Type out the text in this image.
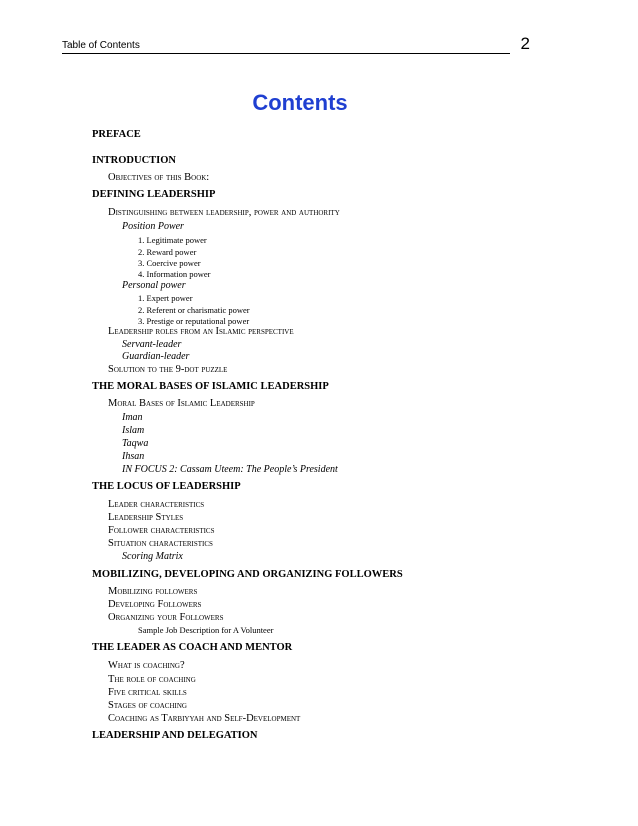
Table of Contents	2
Contents
PREFACE
INTRODUCTION
Objectives of this Book:
DEFINING LEADERSHIP
Distinguishing between leadership, power and authority
Position Power
1. Legitimate power
2. Reward power
3. Coercive power
4. Information power
Personal power
1. Expert power
2. Referent or charismatic power
3. Prestige or reputational power
Leadership roles from an Islamic perspective
Servant-leader
Guardian-leader
Solution to the 9-dot puzzle
THE MORAL BASES OF ISLAMIC LEADERSHIP
Moral Bases of Islamic Leadership
Iman
Islam
Taqwa
Ihsan
IN FOCUS 2: Cassam Uteem: The People’s President
THE LOCUS OF LEADERSHIP
Leader characteristics
Leadership Styles
Follower characteristics
Situation characteristics
Scoring Matrix
MOBILIZING, DEVELOPING AND ORGANIZING FOLLOWERS
Mobilizing followers
Developing Followers
Organizing your Followers
Sample Job Description for A Volunteer
THE LEADER AS COACH AND MENTOR
What is coaching?
The role of coaching
Five critical skills
Stages of coaching
Coaching as Tarbiyyah and Self-Development
LEADERSHIP AND DELEGATION
